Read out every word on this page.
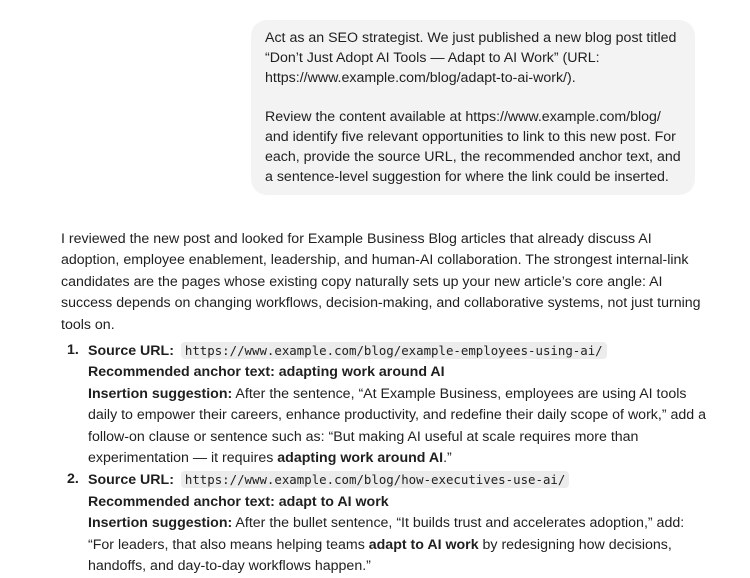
Act as an SEO strategist. We just published a new blog post titled “Don’t Just Adopt AI Tools — Adapt to AI Work” (URL: https://www.example.com/blog/adapt-to-ai-work/).

Review the content available at https://www.example.com/blog/ and identify five relevant opportunities to link to this new post. For each, provide the source URL, the recommended anchor text, and a sentence-level suggestion for where the link could be inserted.

I reviewed the new post and looked for Example Business Blog articles that already discuss AI adoption, employee enablement, leadership, and human-AI collaboration. The strongest internal-link candidates are the pages whose existing copy naturally sets up your new article’s core angle: AI success depends on changing workflows, decision-making, and collaborative systems, not just turning tools on.

1. Source URL: https://www.example.com/blog/example-employees-using-ai/
Recommended anchor text: adapting work around AI
Insertion suggestion: After the sentence, “At Example Business, employees are using AI tools daily to empower their careers, enhance productivity, and redefine their daily scope of work,” add a follow-on clause or sentence such as: “But making AI useful at scale requires more than experimentation — it requires adapting work around AI.”
2. Source URL: https://www.example.com/blog/how-executives-use-ai/
Recommended anchor text: adapt to AI work
Insertion suggestion: After the bullet sentence, “It builds trust and accelerates adoption,” add: “For leaders, that also means helping teams adapt to AI work by redesigning how decisions, handoffs, and day-to-day workflows happen.”
